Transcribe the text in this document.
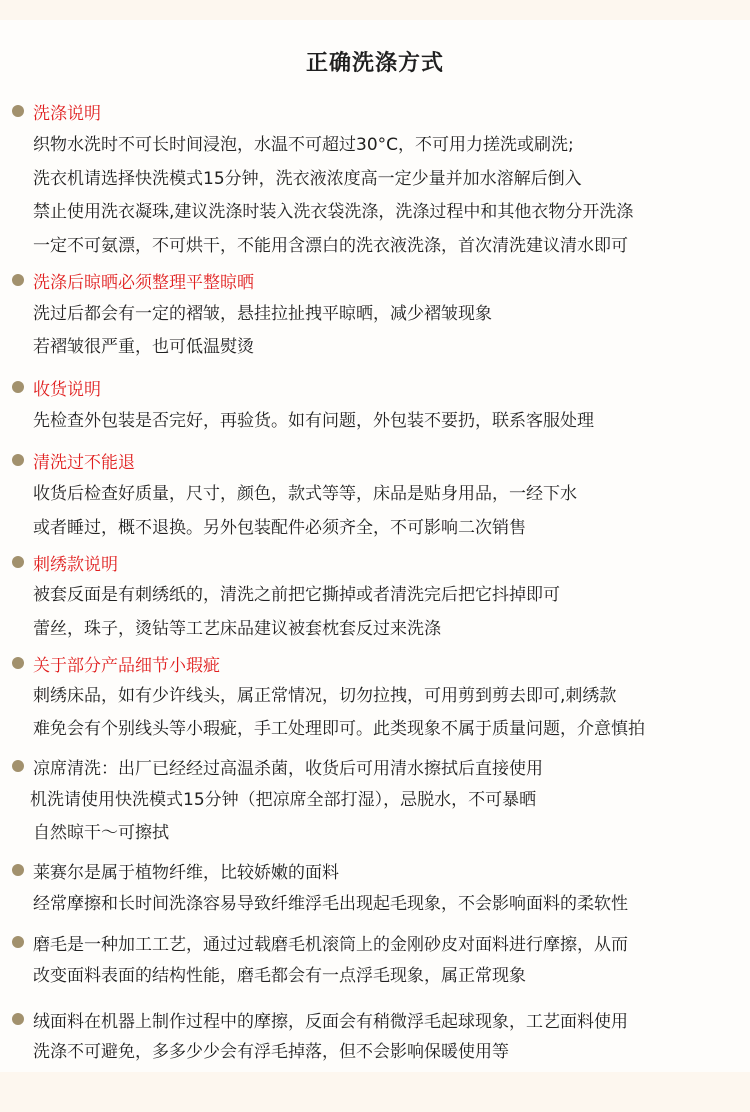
正确洗涤方式
洗涤说明
织物水洗时不可长时间浸泡，水温不可超过30°C，不可用力搓洗或刷洗;
洗衣机请选择快洗模式15分钟，洗衣液浓度高一定少量并加水溶解后倒入
禁止使用洗衣凝珠,建议洗涤时装入洗衣袋洗涤，洗涤过程中和其他衣物分开洗涤
一定不可氨漂，不可烘干，不能用含漂白的洗衣液洗涤，首次清洗建议清水即可
洗涤后晾晒必须整理平整晾晒
洗过后都会有一定的褶皱，悬挂拉扯拽平晾晒，减少褶皱现象
若褶皱很严重，也可低温熨烫
收货说明
先检查外包装是否完好，再验货。如有问题，外包装不要扔，联系客服处理
清洗过不能退
收货后检查好质量，尺寸，颜色，款式等等，床品是贴身用品，一经下水
或者睡过，概不退换。另外包装配件必须齐全，不可影响二次销售
刺绣款说明
被套反面是有刺绣纸的，清洗之前把它撕掉或者清洗完后把它抖掉即可
蕾丝，珠子，烫钻等工艺床品建议被套枕套反过来洗涤
关于部分产品细节小瑕疵
刺绣床品，如有少许线头，属正常情况，切勿拉拽，可用剪到剪去即可,刺绣款
难免会有个别线头等小瑕疵，手工处理即可。此类现象不属于质量问题，介意慎拍
凉席清洗：出厂已经经过高温杀菌，收货后可用清水擦拭后直接使用
机洗请使用快洗模式15分钟（把凉席全部打湿），忌脱水，不可暴晒
自然晾干～可擦拭
莱赛尔是属于植物纤维，比较娇嫩的面料
经常摩擦和长时间洗涤容易导致纤维浮毛出现起毛现象，不会影响面料的柔软性
磨毛是一种加工工艺，通过过载磨毛机滚筒上的金刚砂皮对面料进行摩擦，从而
改变面料表面的结构性能，磨毛都会有一点浮毛现象，属正常现象
绒面料在机器上制作过程中的摩擦，反面会有稍微浮毛起球现象，工艺面料使用
洗涤不可避免，多多少少会有浮毛掉落，但不会影响保暖使用等
